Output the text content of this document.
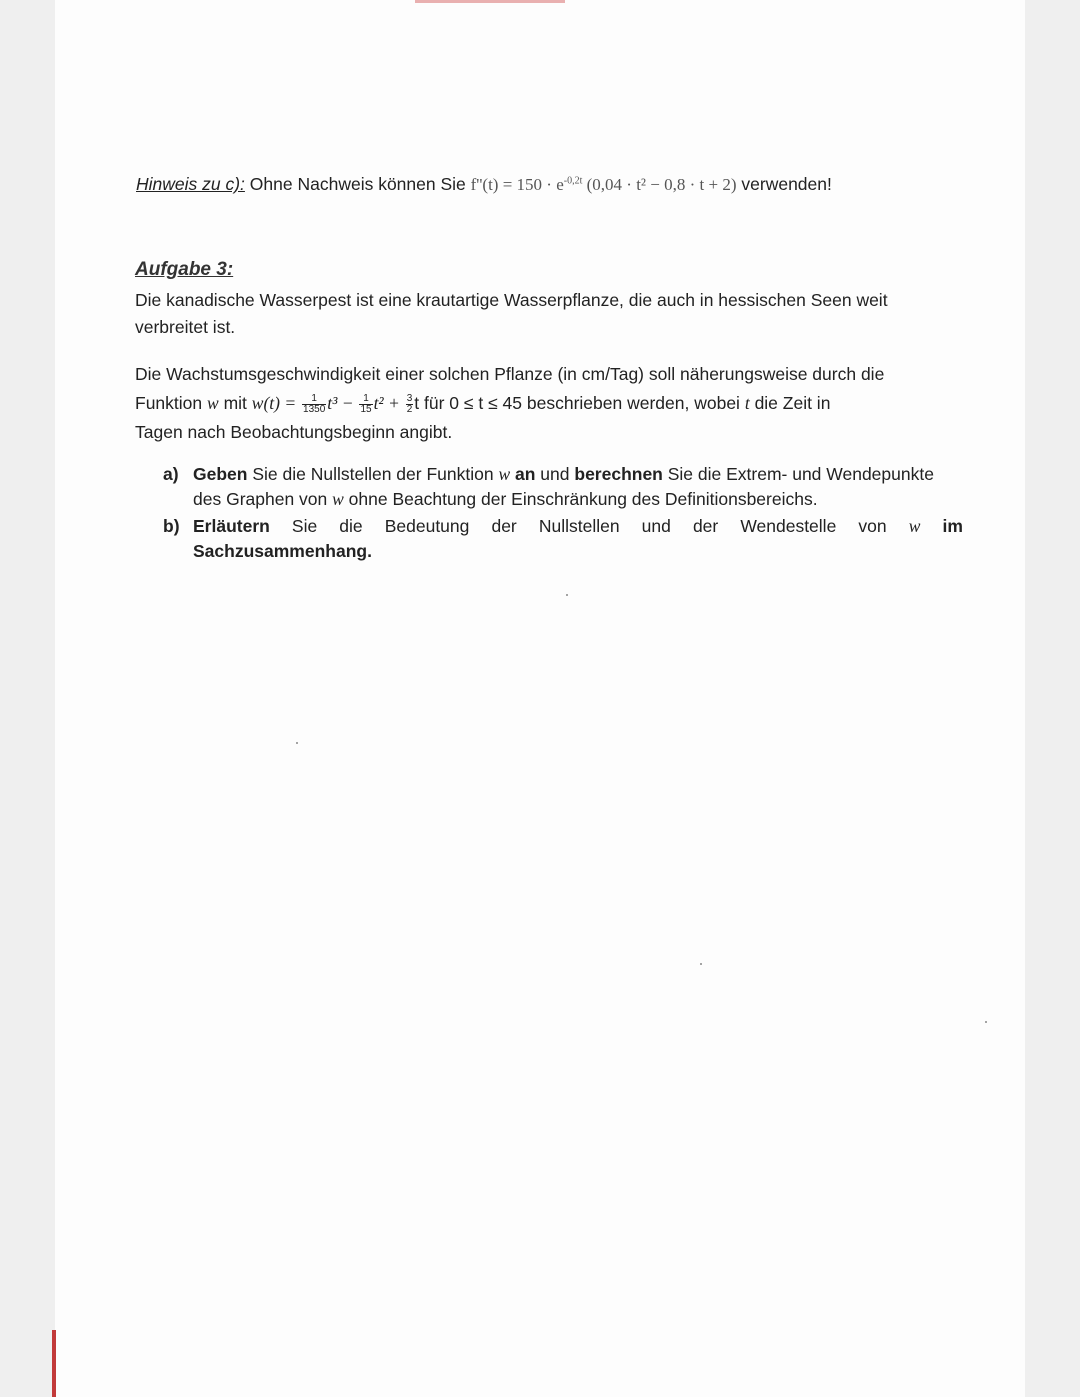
Hinweis zu c): Ohne Nachweis können Sie $f''(t) = 150 \cdot e^{-0,2t}$ (0,04 · t² − 0,8 · t + 2) verwenden!
Aufgabe 3:
Die kanadische Wasserpest ist eine krautartige Wasserpflanze, die auch in hessischen Seen weit verbreitet ist.
Die Wachstumsgeschwindigkeit einer solchen Pflanze (in cm/Tag) soll näherungsweise durch die
Funktion w mit $w(t) = \frac{1}{1350} t^3 - \frac{1}{15} t^2 + \frac{3}{2}$ t für 0 ≤ t ≤ 45 beschrieben werden, wobei t die Zeit in
Tagen nach Beobachtungsbeginn angibt.
a) Geben Sie die Nullstellen der Funktion w an und berechnen Sie die Extrem- und Wendepunkte des Graphen von w ohne Beachtung der Einschränkung des Definitionsbereichs.
b) Erläutern Sie die Bedeutung der Nullstellen und der Wendestelle von w im
Sachzusammenhang.
